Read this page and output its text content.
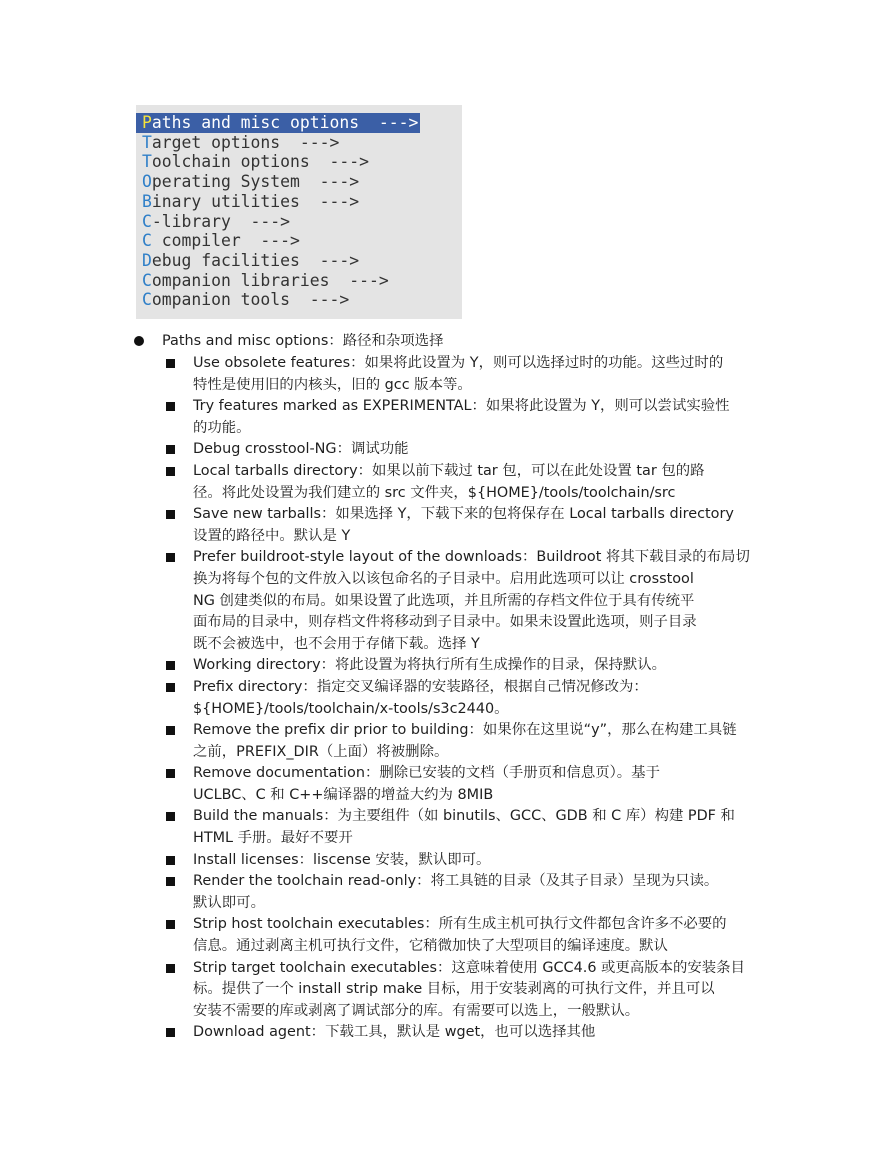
Paths and misc options  --->
Target options  --->
Toolchain options  --->
Operating System  --->
Binary utilities  --->
C-library  --->
C compiler  --->
Debug facilities  --->
Companion libraries  --->
Companion tools  --->
Paths and misc options：路径和杂项选择
Use obsolete features：如果将此设置为 Y，则可以选择过时的功能。这些过时的
特性是使用旧的内核头，旧的 gcc 版本等。
Try features marked as EXPERIMENTAL：如果将此设置为 Y，则可以尝试实验性
的功能。
Debug crosstool-NG：调试功能
Local tarballs directory：如果以前下载过 tar 包，可以在此处设置 tar 包的路
径。将此处设置为我们建立的 src 文件夹，${HOME}/tools/toolchain/src
Save new tarballs：如果选择 Y，下载下来的包将保存在 Local tarballs directory
设置的路径中。默认是 Y
Prefer buildroot-style layout of the downloads：Buildroot 将其下载目录的布局切
换为将每个包的文件放入以该包命名的子目录中。启用此选项可以让 crosstool
NG 创建类似的布局。如果设置了此选项，并且所需的存档文件位于具有传统平
面布局的目录中，则存档文件将移动到子目录中。如果未设置此选项，则子目录
既不会被选中，也不会用于存储下载。选择 Y
Working directory：将此设置为将执行所有生成操作的目录，保持默认。
Prefix directory：指定交叉编译器的安装路径，根据自己情况修改为：
${HOME}/tools/toolchain/x-tools/s3c2440。
Remove the prefix dir prior to building：如果你在这里说“y”，那么在构建工具链
之前，PREFIX_DIR（上面）将被删除。
Remove documentation：删除已安装的文档（手册页和信息页）。基于
UCLBC、C 和 C++编译器的增益大约为 8MIB
Build the manuals：为主要组件（如 binutils、GCC、GDB 和 C 库）构建 PDF 和
HTML 手册。最好不要开
Install licenses：liscense 安装，默认即可。
Render the toolchain read-only：将工具链的目录（及其子目录）呈现为只读。
默认即可。
Strip host toolchain executables：所有生成主机可执行文件都包含许多不必要的
信息。通过剥离主机可执行文件，它稍微加快了大型项目的编译速度。默认
Strip target toolchain executables：这意味着使用 GCC4.6 或更高版本的安装条目
标。提供了一个 install strip make 目标，用于安装剥离的可执行文件，并且可以
安装不需要的库或剥离了调试部分的库。有需要可以选上，一般默认。
Download agent：下载工具，默认是 wget，也可以选择其他
